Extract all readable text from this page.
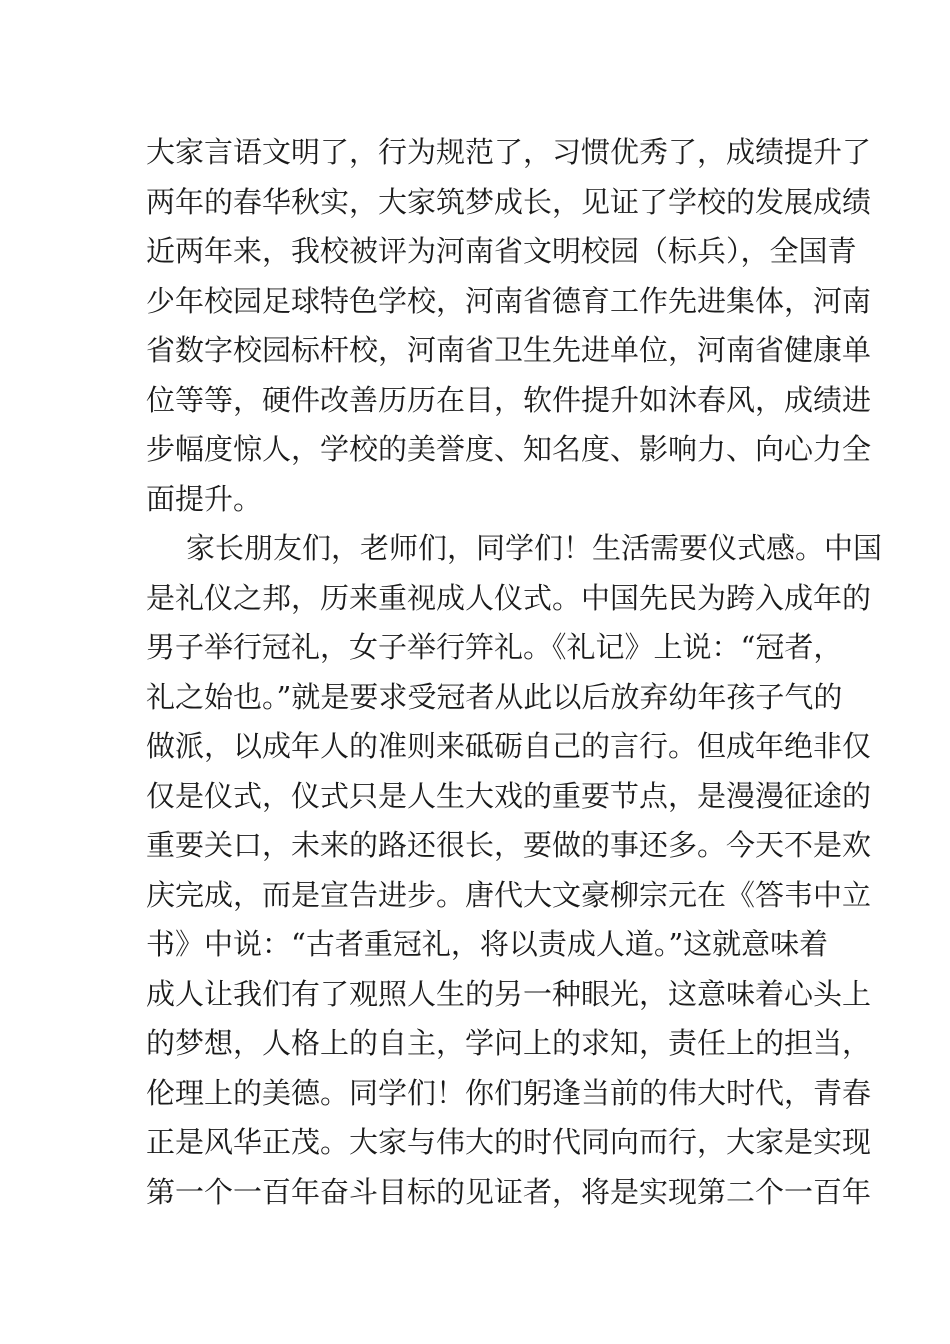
大家言语文明了，行为规范了，习惯优秀了，成绩提升了
两年的春华秋实，大家筑梦成长，见证了学校的发展成绩
近两年来，我校被评为河南省文明校园（标兵），全国青
少年校园足球特色学校，河南省德育工作先进集体，河南
省数字校园标杆校，河南省卫生先进单位，河南省健康单
位等等，硬件改善历历在目，软件提升如沐春风，成绩进
步幅度惊人，学校的美誉度、知名度、影响力、向心力全
面提升。
家长朋友们，老师们，同学们！生活需要仪式感。中国
是礼仪之邦，历来重视成人仪式。中国先民为跨入成年的
男子举行冠礼，女子举行笄礼。《礼记》上说：“冠者，
礼之始也。”就是要求受冠者从此以后放弃幼年孩子气的
做派，以成年人的准则来砥砺自己的言行。但成年绝非仅
仅是仪式，仪式只是人生大戏的重要节点，是漫漫征途的
重要关口，未来的路还很长，要做的事还多。今天不是欢
庆完成，而是宣告进步。唐代大文豪柳宗元在《答韦中立
书》中说：“古者重冠礼，将以责成人道。”这就意味着
成人让我们有了观照人生的另一种眼光，这意味着心头上
的梦想，人格上的自主，学问上的求知，责任上的担当，
伦理上的美德。同学们！你们躬逢当前的伟大时代，青春
正是风华正茂。大家与伟大的时代同向而行，大家是实现
第一个一百年奋斗目标的见证者，将是实现第二个一百年
